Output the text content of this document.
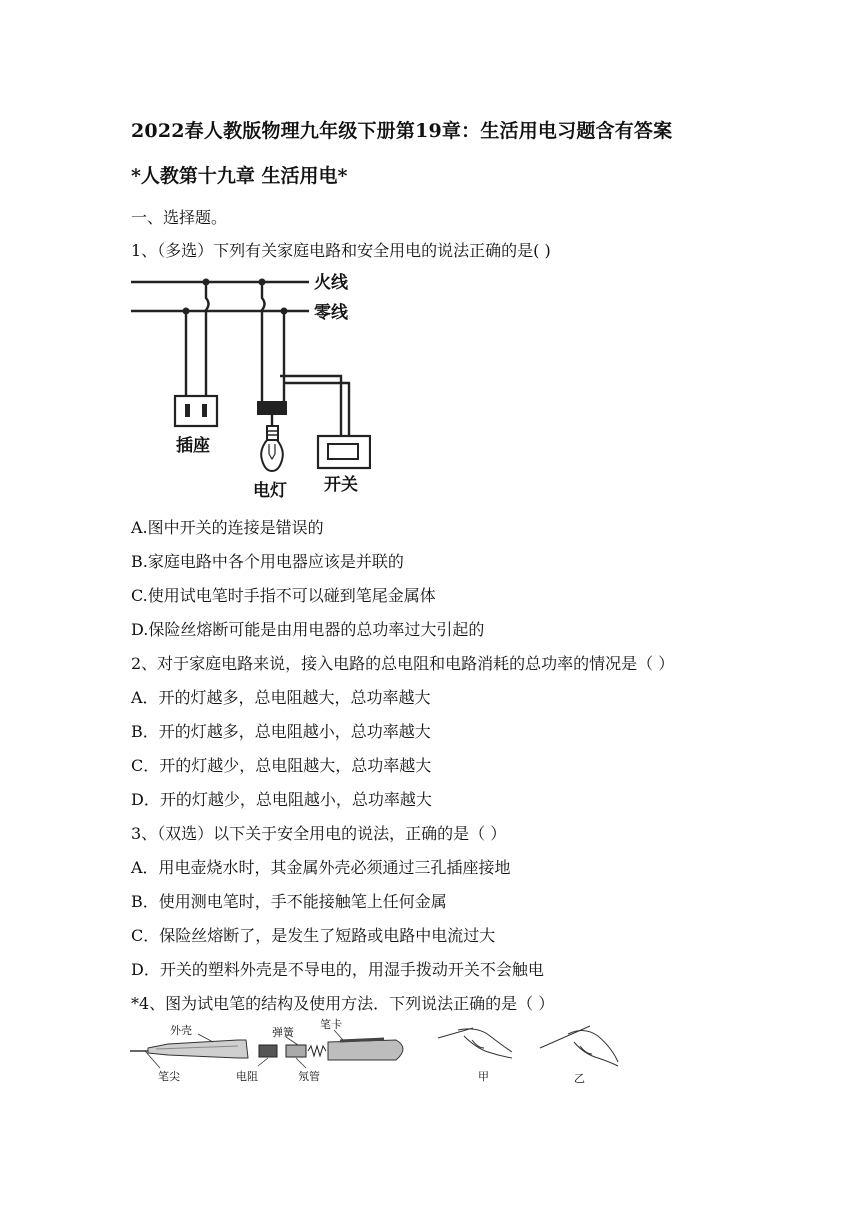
2022春人教版物理九年级下册第19章：生活用电习题含有答案
*人教第十九章 生活用电*
一、选择题。
1、（多选）下列有关家庭电路和安全用电的说法正确的是( )
火线
零线
插座
电灯 开关
A.图中开关的连接是错误的
B.家庭电路中各个用电器应该是并联的
C.使用试电笔时手指不可以碰到笔尾金属体
D.保险丝熔断可能是由用电器的总功率过大引起的
2、对于家庭电路来说，接入电路的总电阻和电路消耗的总功率的情况是（ ）
A．开的灯越多，总电阻越大，总功率越大
B．开的灯越多，总电阻越小，总功率越大
C．开的灯越少，总电阻越大，总功率越大
D．开的灯越少，总电阻越小，总功率越大
3、（双选）以下关于安全用电的说法，正确的是（ ）
A．用电壶烧水时，其金属外壳必须通过三孔插座接地
B．使用测电笔时，手不能接触笔上任何金属
C．保险丝熔断了，是发生了短路或电路中电流过大
D．开关的塑料外壳是不导电的，用湿手拨动开关不会触电
*4、图为试电笔的结构及使用方法．下列说法正确的是（ ）
外壳	弹簧
笔卡
笔尖	电阻	氖管	甲	乙
